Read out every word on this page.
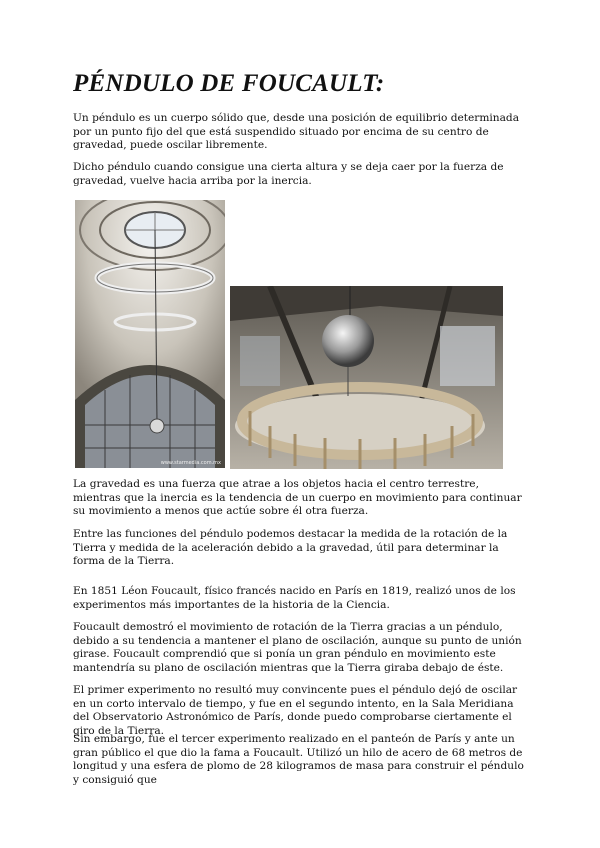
PÉNDULO DE FOUCAULT:

Un péndulo es un cuerpo sólido que, desde una posición de equilibrio determinada por un punto fijo del que está suspendido situado por encima de su centro de gravedad, puede oscilar libremente.

Dicho péndulo cuando consigue una cierta altura y se deja caer por la fuerza de gravedad, vuelve hacia arriba por la inercia.

www.starmedia.com.mx

La gravedad es una fuerza que atrae a los objetos hacia el centro terrestre, mientras que la inercia es la tendencia de un cuerpo en movimiento para continuar su movimiento a menos que actúe sobre él otra fuerza.

Entre las funciones del péndulo podemos destacar la medida de la rotación de la Tierra y medida de la aceleración debido a la gravedad, útil para determinar la forma de la Tierra.

En 1851 Léon Foucault, físico francés nacido en París en 1819, realizó unos de los experimentos más importantes de la historia de la Ciencia.

Foucault demostró el movimiento de rotación de la Tierra gracias a un péndulo, debido a su tendencia a mantener el plano de oscilación, aunque su punto de unión girase. Foucault comprendió que si ponía un gran péndulo en movimiento este mantendría su plano de oscilación mientras que la Tierra giraba debajo de éste.

El primer experimento no resultó muy convincente pues el péndulo dejó de oscilar en un corto intervalo de tiempo, y fue en el segundo intento, en la Sala Meridiana del Observatorio Astronómico de París, donde puedo comprobarse ciertamente el giro de la Tierra.

Sin embargo, fue el tercer experimento realizado en el panteón de París y ante un gran público el que dio la fama a Foucault. Utilizó un hilo de acero de 68 metros de longitud y una esfera de plomo de 28 kilogramos de masa para construir el péndulo y consiguió que
